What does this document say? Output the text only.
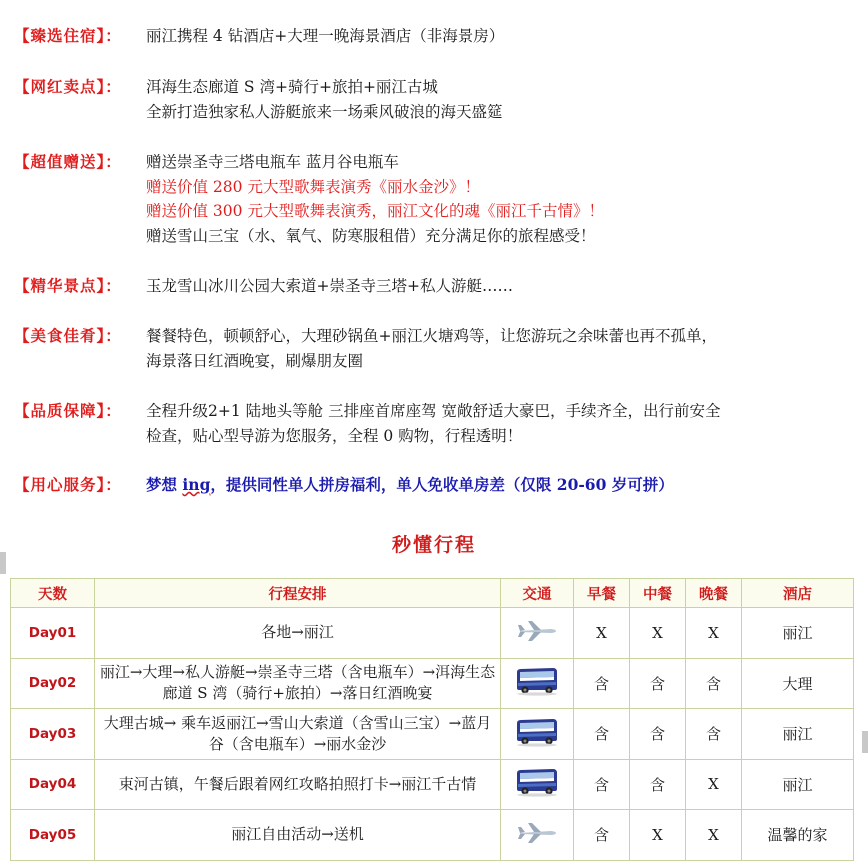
【臻选住宿】： 丽江携程 4 钻酒店+大理一晚海景酒店（非海景房）
【网红卖点】： 洱海生态廊道 S 湾+骑行+旅拍+丽江古城
全新打造独家私人游艇旅来一场乘风破浪的海天盛筵
【超值赠送】： 赠送崇圣寺三塔电瓶车 蓝月谷电瓶车
赠送价值 280 元大型歌舞表演秀《丽水金沙》！
赠送价值 300 元大型歌舞表演秀，丽江文化的魂《丽江千古情》！
赠送雪山三宝（水、氧气、防寒服租借）充分满足你的旅程感受！
【精华景点】： 玉龙雪山冰川公园大索道+崇圣寺三塔+私人游艇……
【美食佳肴】： 餐餐特色，顿顿舒心，大理砂锅鱼+丽江火塘鸡等，让您游玩之余味蕾也再不孤单，
海景落日红酒晚宴，刷爆朋友圈
【品质保障】： 全程升级2+1 陆地头等舱 三排座首席座驾 宽敞舒适大豪巴，手续齐全，出行前安全
检查，贴心型导游为您服务，全程 0 购物，行程透明！
【用心服务】： 梦想 ing，提供同性单人拼房福利，单人免收单房差（仅限 20-60 岁可拼）
秒懂行程
天数	行程安排	交通	早餐	中餐	晚餐	酒店
Day01	各地→丽江		X	X	X	丽江
Day02	丽江→大理→私人游艇→崇圣寺三塔（含电瓶车）→洱海生态廊道 S 湾（骑行+旅拍）→落日红酒晚宴		含	含	含	大理
Day03	大理古城→ 乘车返丽江→雪山大索道（含雪山三宝）→蓝月谷（含电瓶车）→丽水金沙		含	含	含	丽江
Day04	束河古镇，午餐后跟着网红攻略拍照打卡→丽江千古情		含	含	X	丽江
Day05	丽江自由活动→送机		含	X	X	温馨的家
